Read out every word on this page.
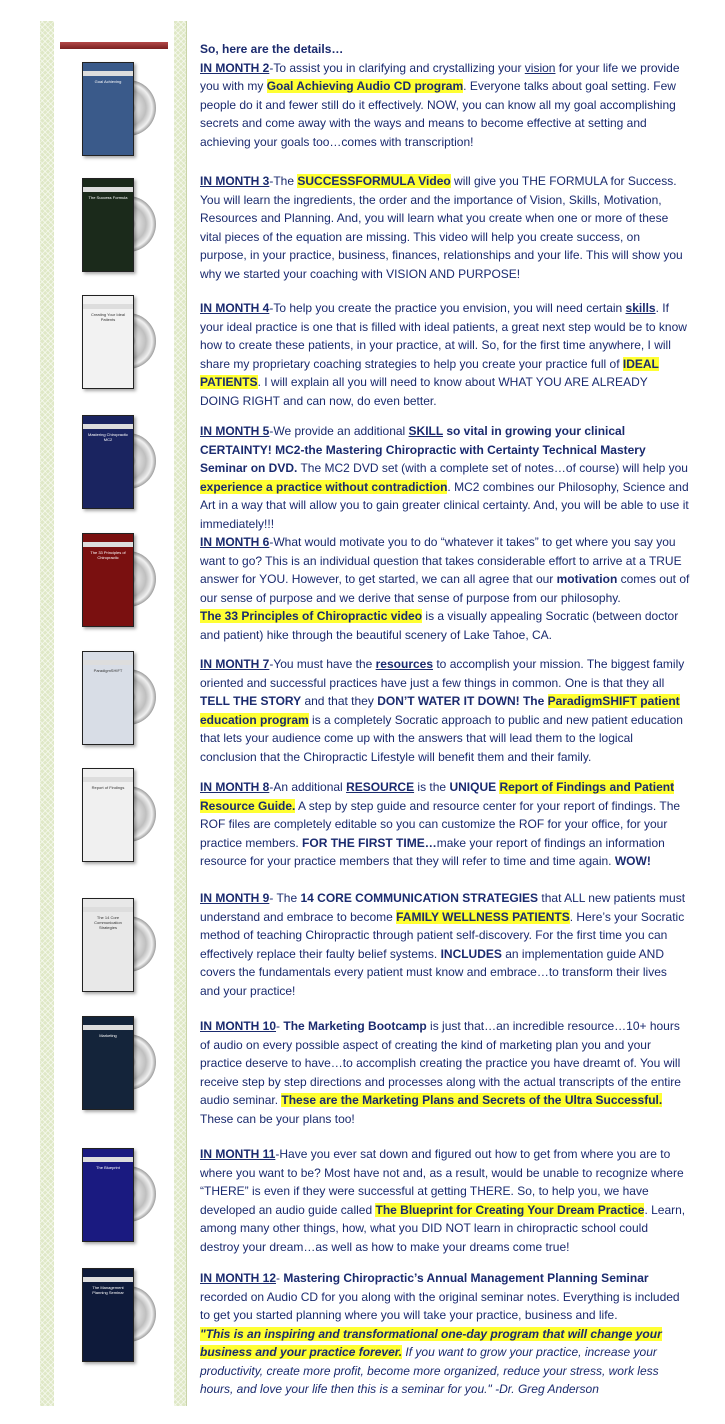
Goal Achieving
The Success Formula
Creating Your Ideal Patients
Mastering Chiropractic MC2
The 33 Principles of Chiropractic
ParadigmSHIFT
Report of Findings
The 14 Core Communication Strategies
Marketing
The Blueprint
The Management Planning Seminar

So, here are the details…

IN MONTH 2-To assist you in clarifying and crystallizing your vision for your life we provide you with my Goal Achieving Audio CD program. Everyone talks about goal setting. Few people do it and fewer still do it effectively. NOW, you can know all my goal accomplishing secrets and come away with the ways and means to become effective at setting and achieving your goals too…comes with transcription!

IN MONTH 3-The SUCCESSFORMULA Video will give you THE FORMULA for Success. You will learn the ingredients, the order and the importance of Vision, Skills, Motivation, Resources and Planning. And, you will learn what you create when one or more of these vital pieces of the equation are missing. This video will help you create success, on purpose, in your practice, business, finances, relationships and your life. This will show you why we started your coaching with VISION AND PURPOSE!
IN MONTH 4-To help you create the practice you envision, you will need certain skills. If your ideal practice is one that is filled with ideal patients, a great next step would be to know how to create these patients, in your practice, at will. So, for the first time anywhere, I will share my proprietary coaching strategies to help you create your practice full of IDEAL PATIENTS. I will explain all you will need to know about WHAT YOU ARE ALREADY DOING RIGHT and can now, do even better.
IN MONTH 5-We provide an additional SKILL so vital in growing your clinical CERTAINTY! MC2-the Mastering Chiropractic with Certainty Technical Mastery Seminar on DVD. The MC2 DVD set (with a complete set of notes…of course) will help you experience a practice without contradiction. MC2 combines our Philosophy, Science and Art in a way that will allow you to gain greater clinical certainty. And, you will be able to use it immediately!!!
IN MONTH 6-What would motivate you to do “whatever it takes” to get where you say you want to go? This is an individual question that takes considerable effort to arrive at a TRUE answer for YOU. However, to get started, we can all agree that our motivation comes out of our sense of purpose and we derive that sense of purpose from our philosophy.
The 33 Principles of Chiropractic video is a visually appealing Socratic (between doctor and patient) hike through the beautiful scenery of Lake Tahoe, CA.
IN MONTH 7-You must have the resources to accomplish your mission. The biggest family oriented and successful practices have just a few things in common. One is that they all TELL THE STORY and that they DON’T WATER IT DOWN! The ParadigmSHIFT patient education program is a completely Socratic approach to public and new patient education that lets your audience come up with the answers that will lead them to the logical conclusion that the Chiropractic Lifestyle will benefit them and their family.
IN MONTH 8-An additional RESOURCE is the UNIQUE Report of Findings and Patient Resource Guide. A step by step guide and resource center for your report of findings. The ROF files are completely editable so you can customize the ROF for your office, for your practice members. FOR THE FIRST TIME…make your report of findings an information resource for your practice members that they will refer to time and time again. WOW!
IN MONTH 9- The 14 CORE COMMUNICATION STRATEGIES that ALL new patients must understand and embrace to become FAMILY WELLNESS PATIENTS. Here’s your Socratic method of teaching Chiropractic through patient self-discovery. For the first time you can effectively replace their faulty belief systems. INCLUDES an implementation guide AND covers the fundamentals every patient must know and embrace…to transform their lives and your practice!
IN MONTH 10- The Marketing Bootcamp is just that…an incredible resource…10+ hours of audio on every possible aspect of creating the kind of marketing plan you and your practice deserve to have…to accomplish creating the practice you have dreamt of. You will receive step by step directions and processes along with the actual transcripts of the entire audio seminar. These are the Marketing Plans and Secrets of the Ultra Successful. These can be your plans too!
IN MONTH 11-Have you ever sat down and figured out how to get from where you are to where you want to be? Most have not and, as a result, would be unable to recognize where “THERE” is even if they were successful at getting THERE. So, to help you, we have developed an audio guide called The Blueprint for Creating Your Dream Practice. Learn, among many other things, how, what you DID NOT learn in chiropractic school could destroy your dream…as well as how to make your dreams come true!
IN MONTH 12- Mastering Chiropractic’s Annual Management Planning Seminar recorded on Audio CD for you along with the original seminar notes. Everything is included to get you started planning where you will take your practice, business and life.
"This is an inspiring and transformational one-day program that will change your business and your practice forever. If you want to grow your practice, increase your productivity, create more profit, become more organized, reduce your stress, work less hours, and love your life then this is a seminar for you." -Dr. Greg Anderson
